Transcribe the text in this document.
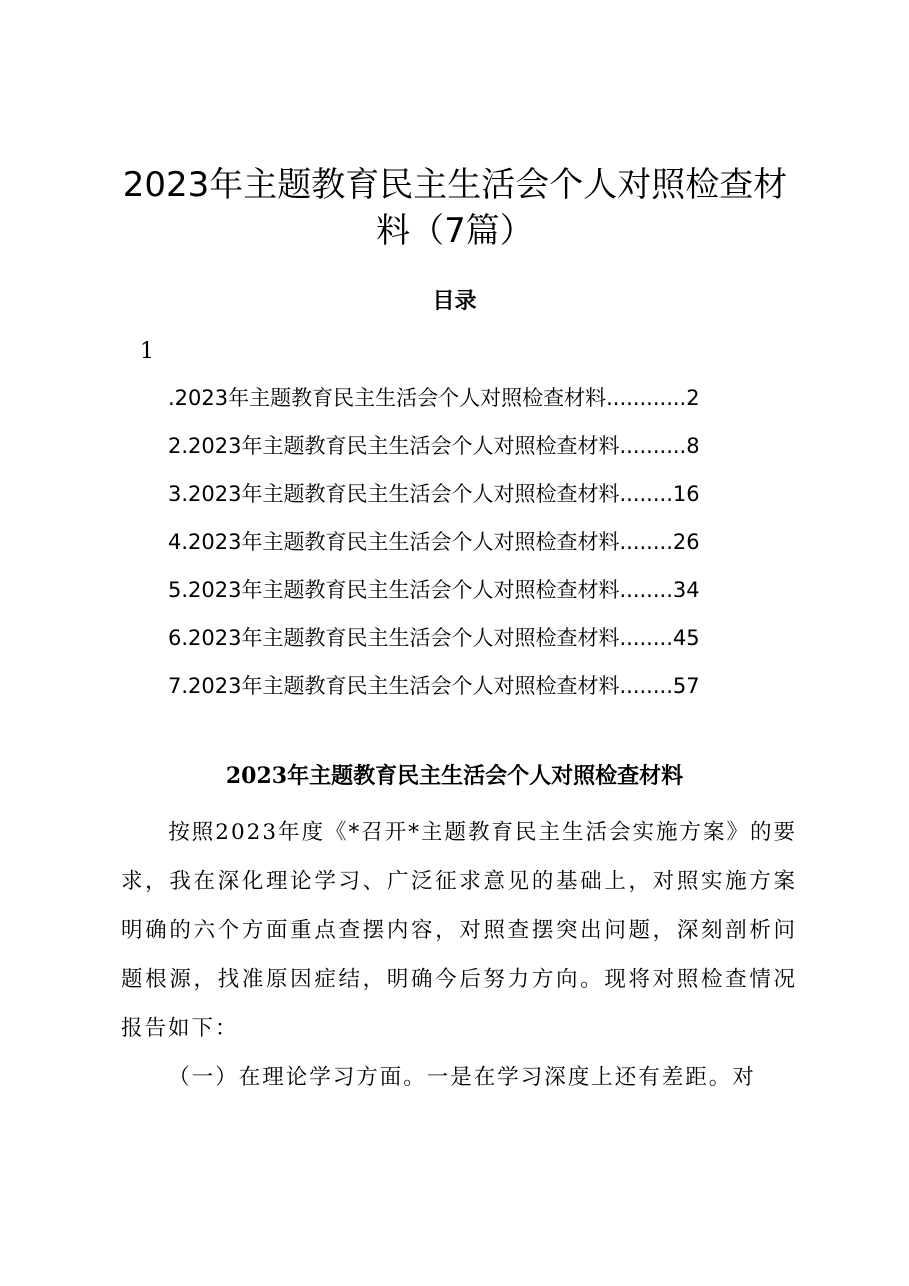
2023年主题教育民主生活会个人对照检查材料（7篇）
目录
1
.2023年主题教育民主生活会个人对照检查材料............2
2.2023年主题教育民主生活会个人对照检查材料..........8
3.2023年主题教育民主生活会个人对照检查材料........16
4.2023年主题教育民主生活会个人对照检查材料........26
5.2023年主题教育民主生活会个人对照检查材料........34
6.2023年主题教育民主生活会个人对照检查材料........45
7.2023年主题教育民主生活会个人对照检查材料........57
2023年主题教育民主生活会个人对照检查材料

按照2023年度《*召开*主题教育民主生活会实施方案》的要求，我在深化理论学习、广泛征求意见的基础上，对照实施方案明确的六个方面重点查摆内容，对照查摆突出问题，深刻剖析问题根源，找准原因症结，明确今后努力方向。现将对照检查情况报告如下：

（一）在理论学习方面。一是在学习深度上还有差距。对
